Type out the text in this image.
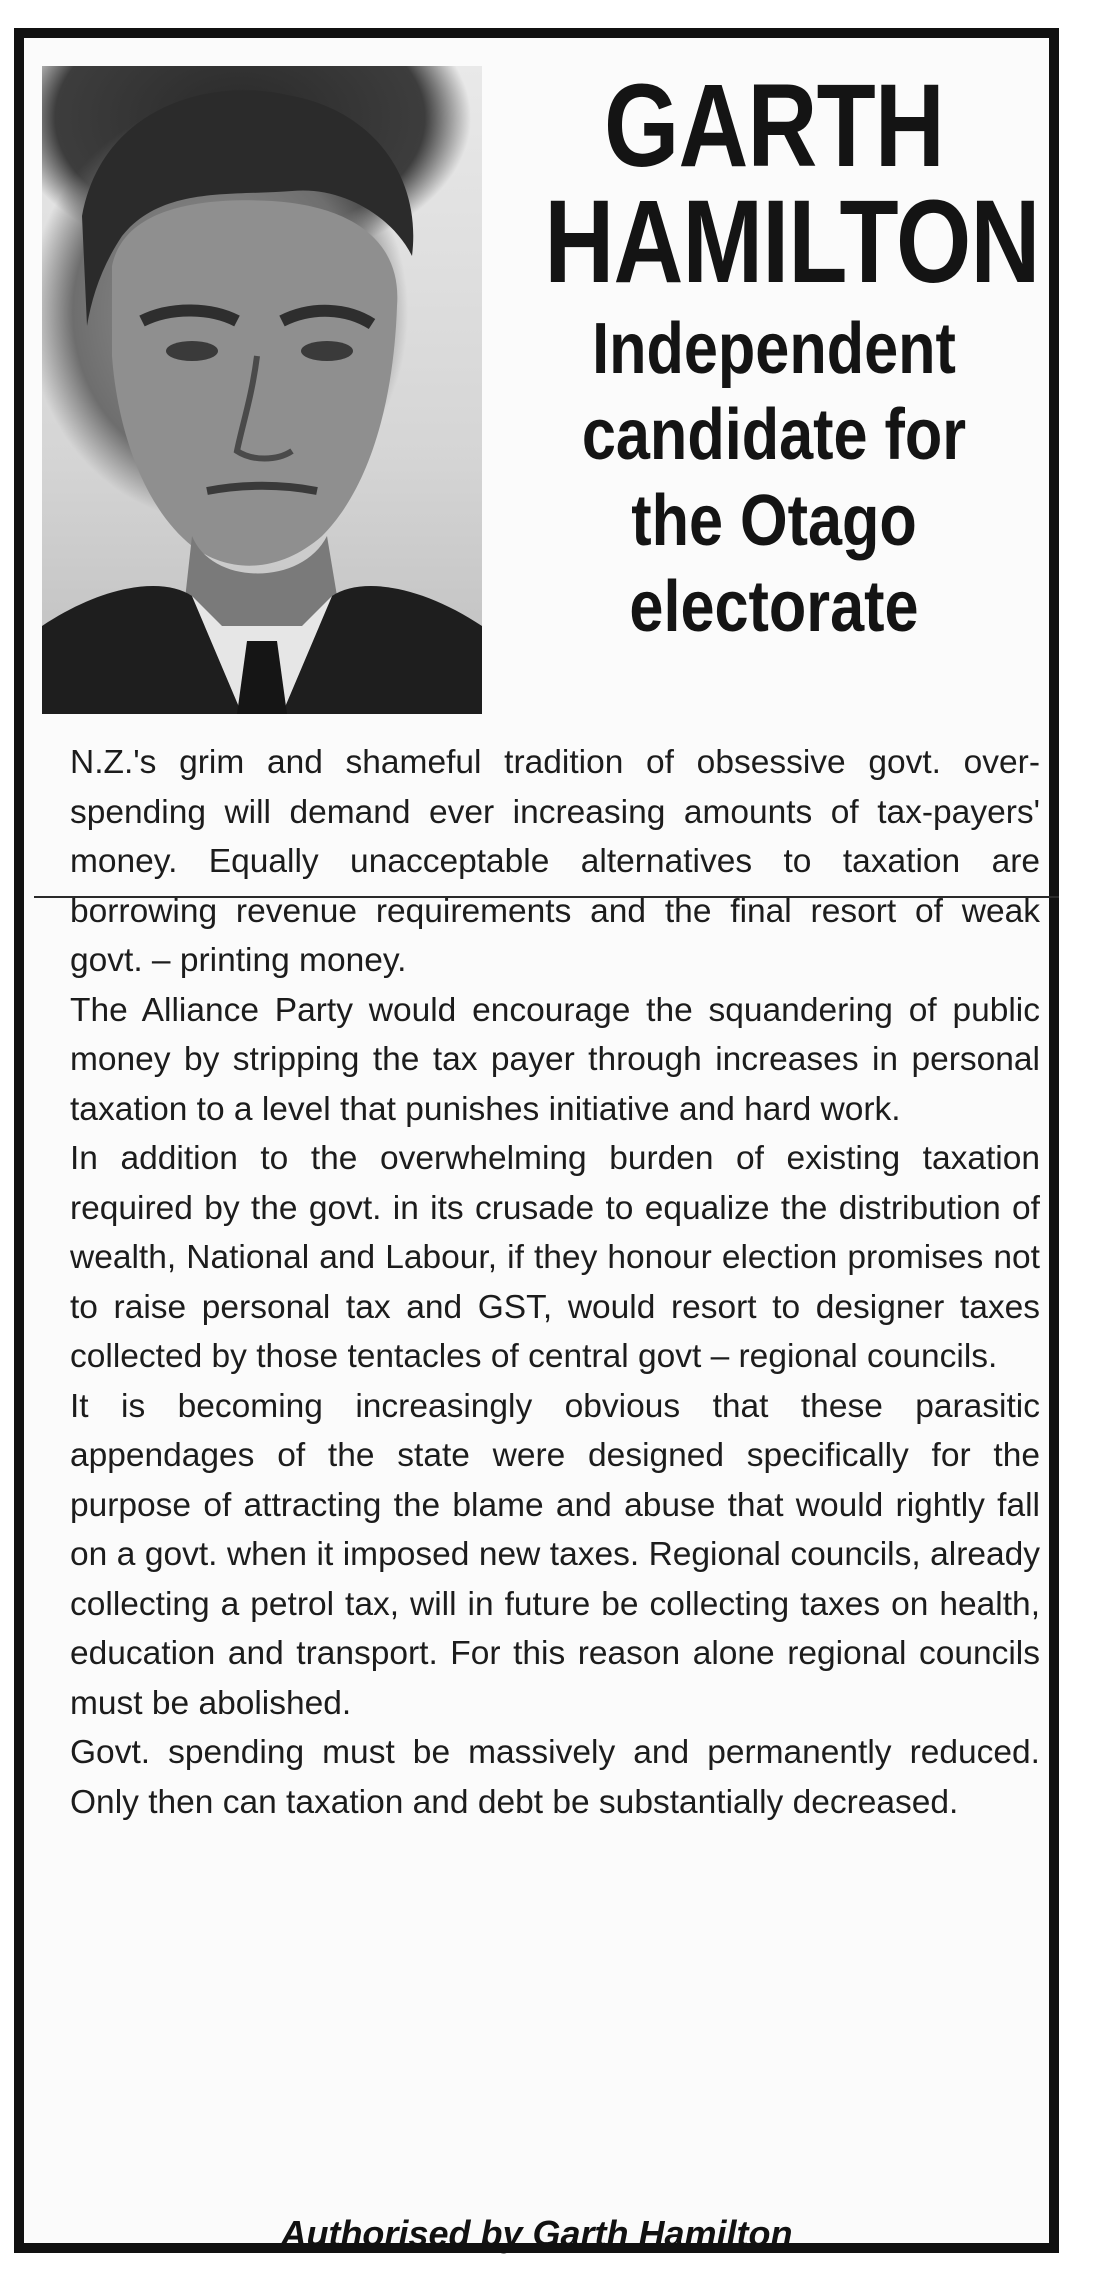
GARTH
HAMILTON
Independent
candidate for
the Otago
electorate

N.Z.'s grim and shameful tradition of obsessive govt. over-spending will demand ever increasing amounts of tax-payers' money. Equally unacceptable alternatives to taxation are borrowing revenue requirements and the final resort of weak govt. – printing money.

The Alliance Party would encourage the squandering of public money by stripping the tax payer through increases in personal taxation to a level that punishes initiative and hard work.

In addition to the overwhelming burden of existing taxation required by the govt. in its crusade to equalize the distribution of wealth, National and Labour, if they honour election promises not to raise personal tax and GST, would resort to designer taxes collected by those tentacles of central govt – regional councils.

It is becoming increasingly obvious that these parasitic appendages of the state were designed specifically for the purpose of attracting the blame and abuse that would rightly fall on a govt. when it imposed new taxes. Regional councils, already collecting a petrol tax, will in future be collecting taxes on health, education and transport. For this reason alone regional councils must be abolished.

Govt. spending must be massively and permanently reduced. Only then can taxation and debt be substantially decreased.

Authorised by Garth Hamilton
